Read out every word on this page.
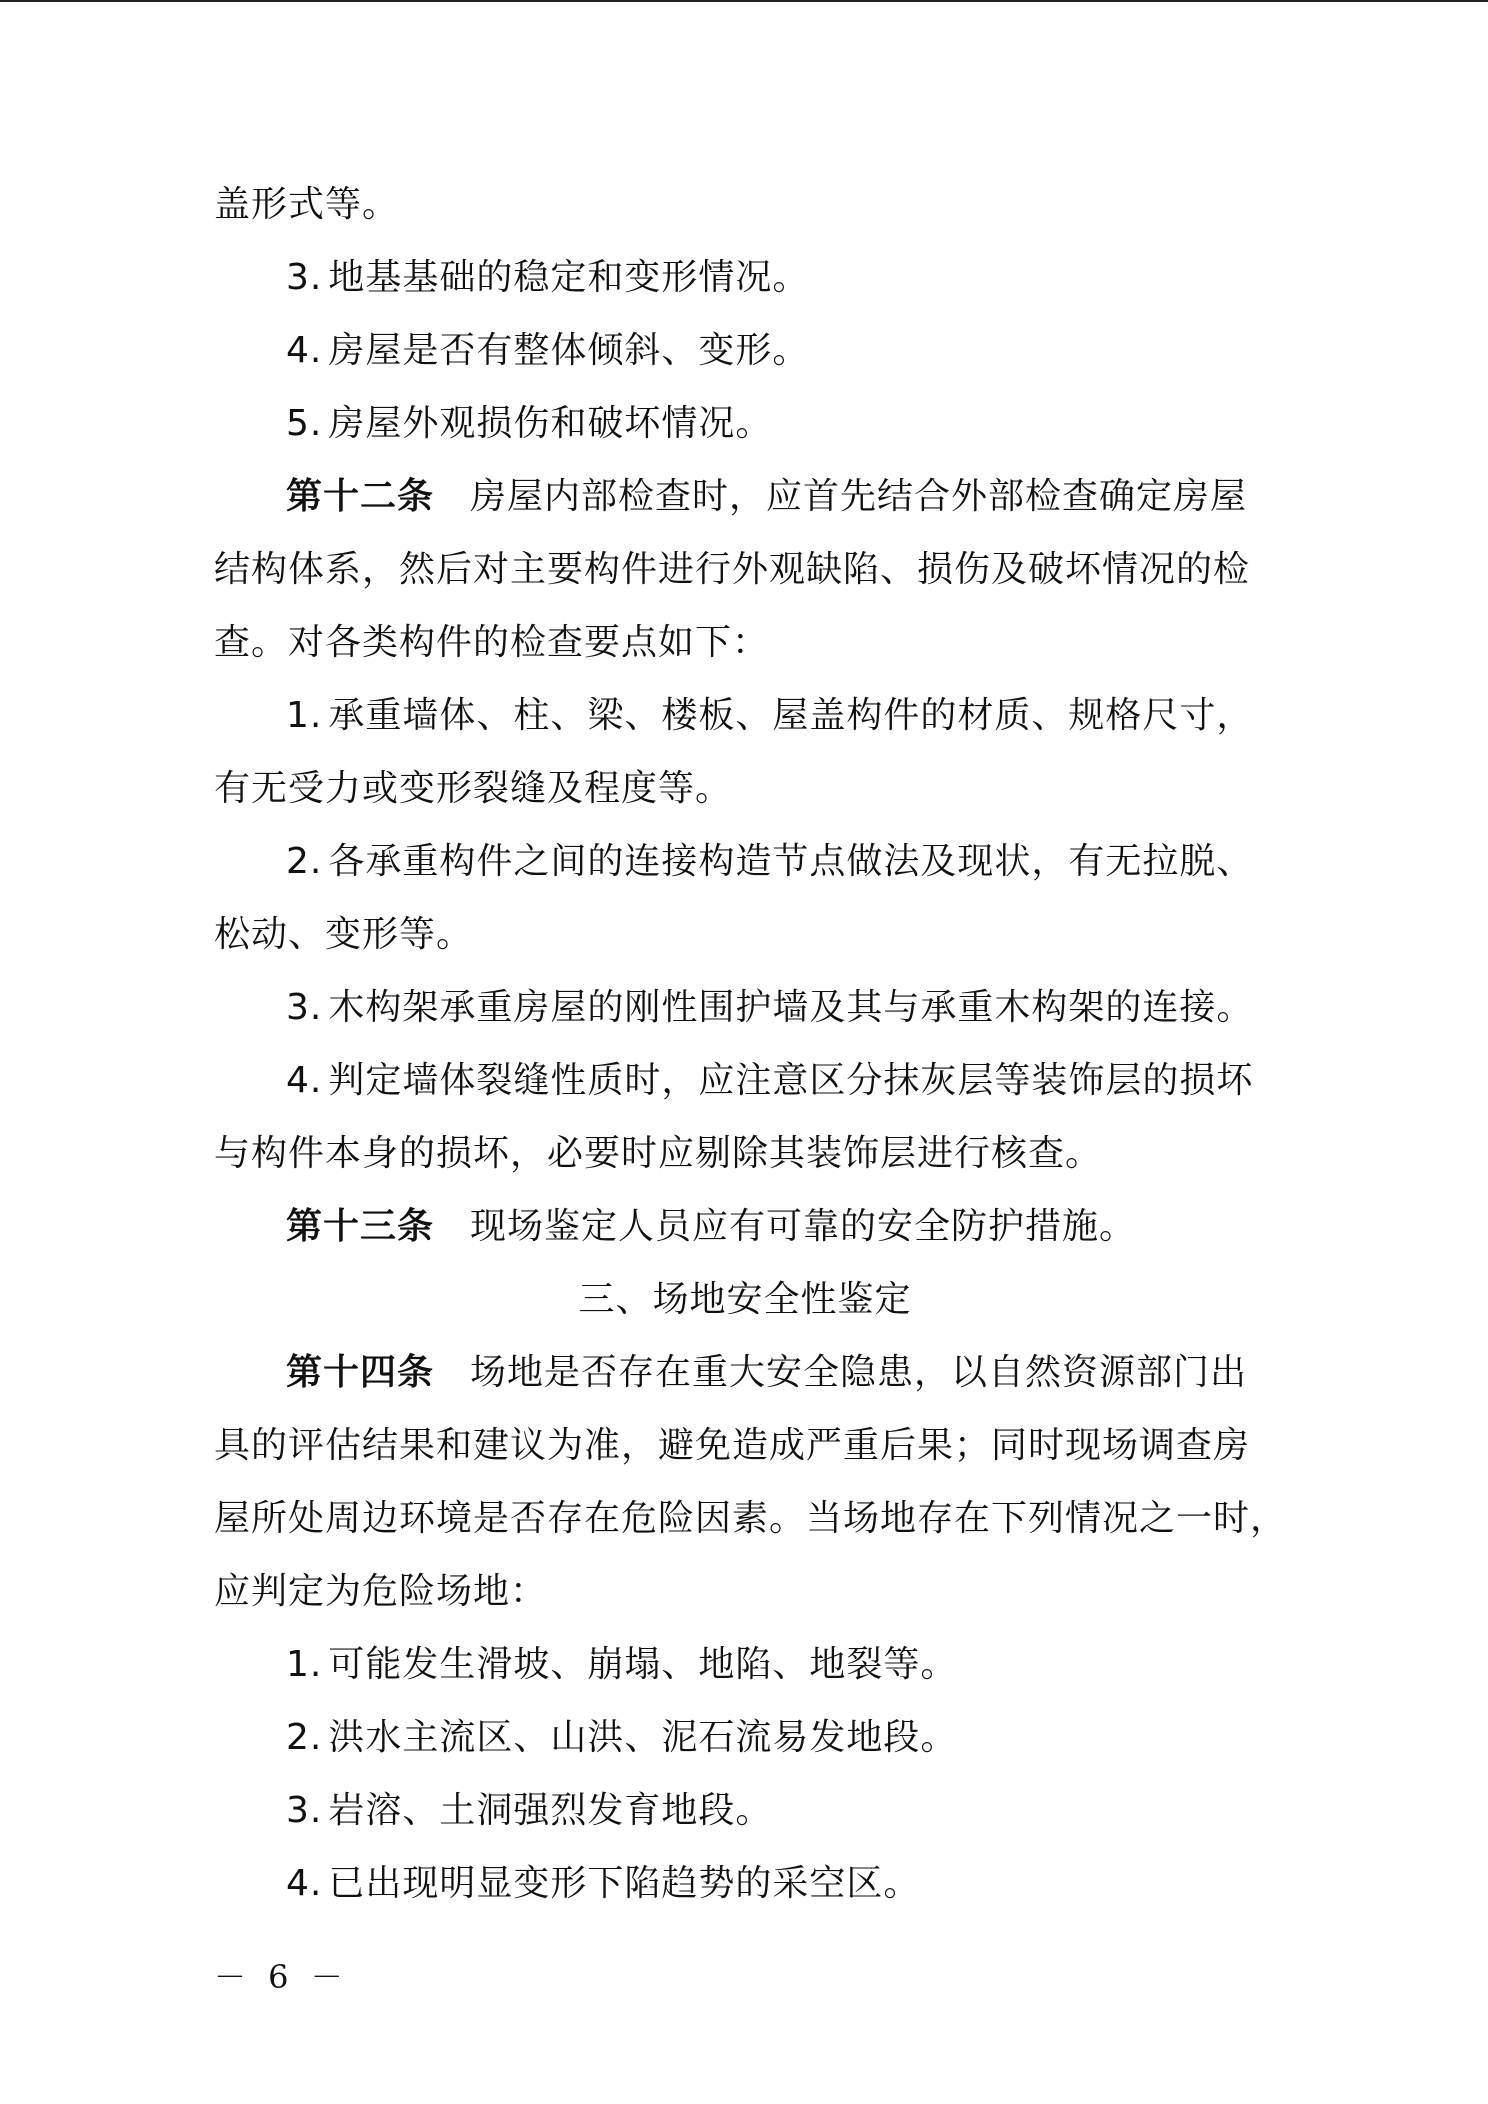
盖形式等。
3. 地基基础的稳定和变形情况。
4. 房屋是否有整体倾斜、变形。
5. 房屋外观损伤和破坏情况。
第十二条 房屋内部检查时，应首先结合外部检查确定房屋
结构体系，然后对主要构件进行外观缺陷、损伤及破坏情况的检
查。对各类构件的检查要点如下：
1. 承重墙体、柱、梁、楼板、屋盖构件的材质、规格尺寸，
有无受力或变形裂缝及程度等。
2. 各承重构件之间的连接构造节点做法及现状，有无拉脱、
松动、变形等。
3. 木构架承重房屋的刚性围护墙及其与承重木构架的连接。
4. 判定墙体裂缝性质时，应注意区分抹灰层等装饰层的损坏
与构件本身的损坏，必要时应剔除其装饰层进行核查。
第十三条 现场鉴定人员应有可靠的安全防护措施。
三、场地安全性鉴定
第十四条 场地是否存在重大安全隐患，以自然资源部门出
具的评估结果和建议为准，避免造成严重后果；同时现场调查房
屋所处周边环境是否存在危险因素。当场地存在下列情况之一时，
应判定为危险场地：
1. 可能发生滑坡、崩塌、地陷、地裂等。
2. 洪水主流区、山洪、泥石流易发地段。
3. 岩溶、土洞强烈发育地段。
4. 已出现明显变形下陷趋势的采空区。
－ 6 －
